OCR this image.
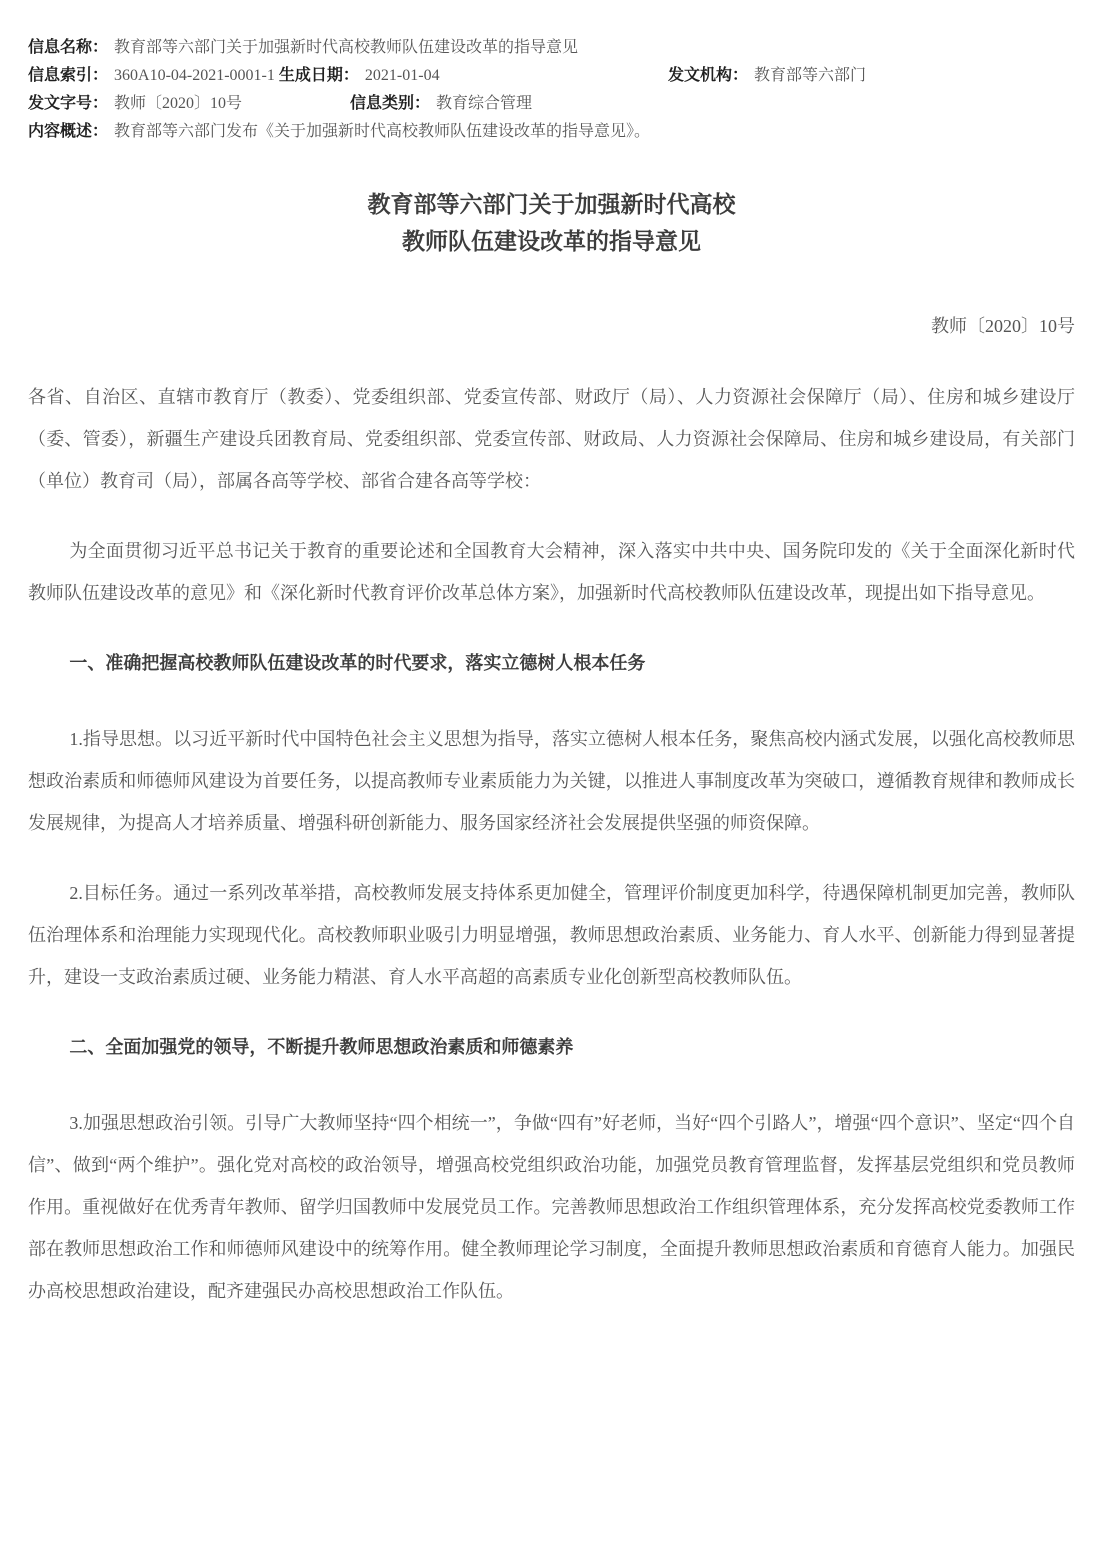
信息名称： 教育部等六部门关于加强新时代高校教师队伍建设改革的指导意见
信息索引： 360A10-04-2021-0001-1 生成日期： 2021-01-04	发文机构： 教育部等六部门
发文字号： 教师〔2020〕10号	信息类别： 教育综合管理
内容概述： 教育部等六部门发布《关于加强新时代高校教师队伍建设改革的指导意见》。
教育部等六部门关于加强新时代高校
教师队伍建设改革的指导意见
教师〔2020〕10号

各省、自治区、直辖市教育厅（教委）、党委组织部、党委宣传部、财政厅（局）、人力资源社会保障厅（局）、住房和城乡建设厅（委、管委），新疆生产建设兵团教育局、党委组织部、党委宣传部、财政局、人力资源社会保障局、住房和城乡建设局，有关部门（单位）教育司（局），部属各高等学校、部省合建各高等学校：

为全面贯彻习近平总书记关于教育的重要论述和全国教育大会精神，深入落实中共中央、国务院印发的《关于全面深化新时代教师队伍建设改革的意见》和《深化新时代教育评价改革总体方案》，加强新时代高校教师队伍建设改革，现提出如下指导意见。

一、准确把握高校教师队伍建设改革的时代要求，落实立德树人根本任务

1.指导思想。以习近平新时代中国特色社会主义思想为指导，落实立德树人根本任务，聚焦高校内涵式发展，以强化高校教师思想政治素质和师德师风建设为首要任务，以提高教师专业素质能力为关键，以推进人事制度改革为突破口，遵循教育规律和教师成长发展规律，为提高人才培养质量、增强科研创新能力、服务国家经济社会发展提供坚强的师资保障。

2.目标任务。通过一系列改革举措，高校教师发展支持体系更加健全，管理评价制度更加科学，待遇保障机制更加完善，教师队伍治理体系和治理能力实现现代化。高校教师职业吸引力明显增强，教师思想政治素质、业务能力、育人水平、创新能力得到显著提升，建设一支政治素质过硬、业务能力精湛、育人水平高超的高素质专业化创新型高校教师队伍。

二、全面加强党的领导，不断提升教师思想政治素质和师德素养

3.加强思想政治引领。引导广大教师坚持“四个相统一”，争做“四有”好老师，当好“四个引路人”，增强“四个意识”、坚定“四个自信”、做到“两个维护”。强化党对高校的政治领导，增强高校党组织政治功能，加强党员教育管理监督，发挥基层党组织和党员教师作用。重视做好在优秀青年教师、留学归国教师中发展党员工作。完善教师思想政治工作组织管理体系，充分发挥高校党委教师工作部在教师思想政治工作和师德师风建设中的统筹作用。健全教师理论学习制度，全面提升教师思想政治素质和育德育人能力。加强民办高校思想政治建设，配齐建强民办高校思想政治工作队伍。
